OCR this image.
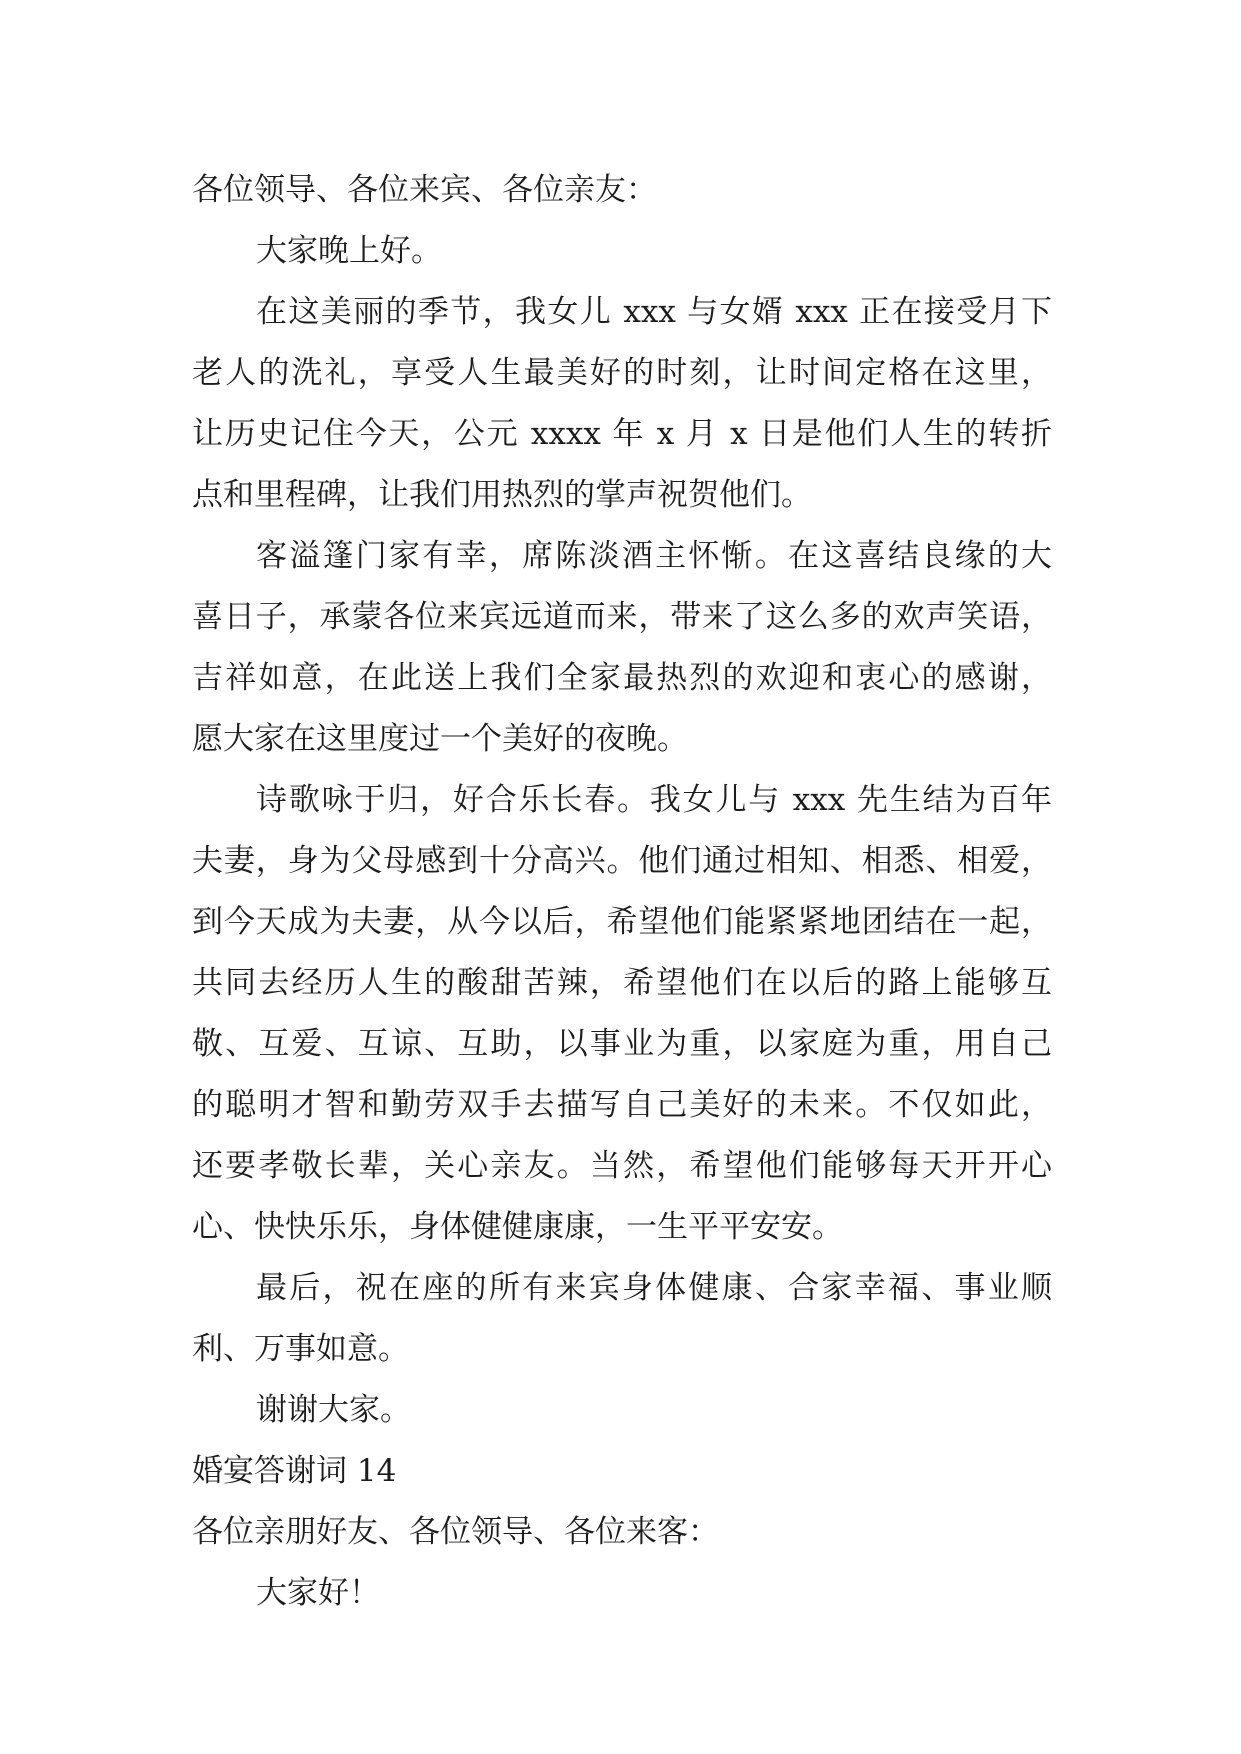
各位领导、各位来宾、各位亲友：
大家晚上好。
在这美丽的季节，我女儿 xxx 与女婿 xxx 正在接受月下
老人的洗礼，享受人生最美好的时刻，让时间定格在这里，
让历史记住今天，公元 xxxx 年 x 月 x 日是他们人生的转折
点和里程碑，让我们用热烈的掌声祝贺他们。
客溢篷门家有幸，席陈淡酒主怀惭。在这喜结良缘的大
喜日子，承蒙各位来宾远道而来，带来了这么多的欢声笑语，
吉祥如意，在此送上我们全家最热烈的欢迎和衷心的感谢，
愿大家在这里度过一个美好的夜晚。
诗歌咏于归，好合乐长春。我女儿与 xxx 先生结为百年
夫妻，身为父母感到十分高兴。他们通过相知、相悉、相爱，
到今天成为夫妻，从今以后，希望他们能紧紧地团结在一起，
共同去经历人生的酸甜苦辣，希望他们在以后的路上能够互
敬、互爱、互谅、互助，以事业为重，以家庭为重，用自己
的聪明才智和勤劳双手去描写自己美好的未来。不仅如此，
还要孝敬长辈，关心亲友。当然，希望他们能够每天开开心
心、快快乐乐，身体健健康康，一生平平安安。
最后，祝在座的所有来宾身体健康、合家幸福、事业顺
利、万事如意。
谢谢大家。
婚宴答谢词 14
各位亲朋好友、各位领导、各位来客：
大家好！
